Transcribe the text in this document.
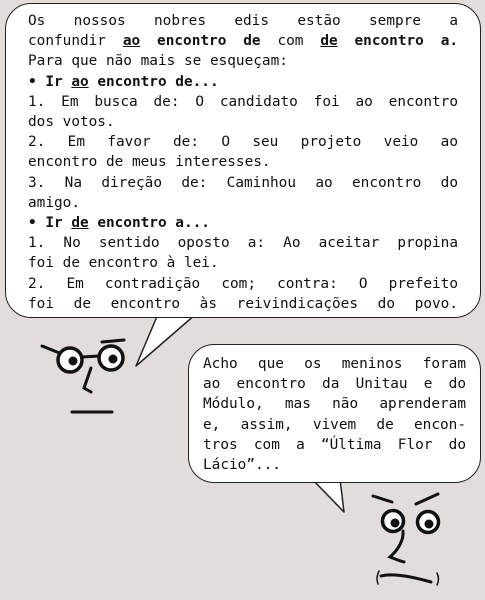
Os nossos nobres edis estão sempre a
confundir ao encontro de com de encontro a.
Para que não mais se esqueçam:
• Ir ao encontro de...
1. Em busca de: O candidato foi ao encontro
dos votos.
2. Em favor de: O seu projeto veio ao
encontro de meus interesses.
3. Na direção de: Caminhou ao encontro do
amigo.
• Ir de encontro a...
1. No sentido oposto a: Ao aceitar propina
foi de encontro à lei.
2. Em contradição com; contra: O prefeito
foi de encontro às reivindicações do povo.
Acho que os meninos foram
ao encontro da Unitau e do
Módulo, mas não aprenderam
e, assim, vivem de encon-
tros com a “Última Flor do
Lácio”...
